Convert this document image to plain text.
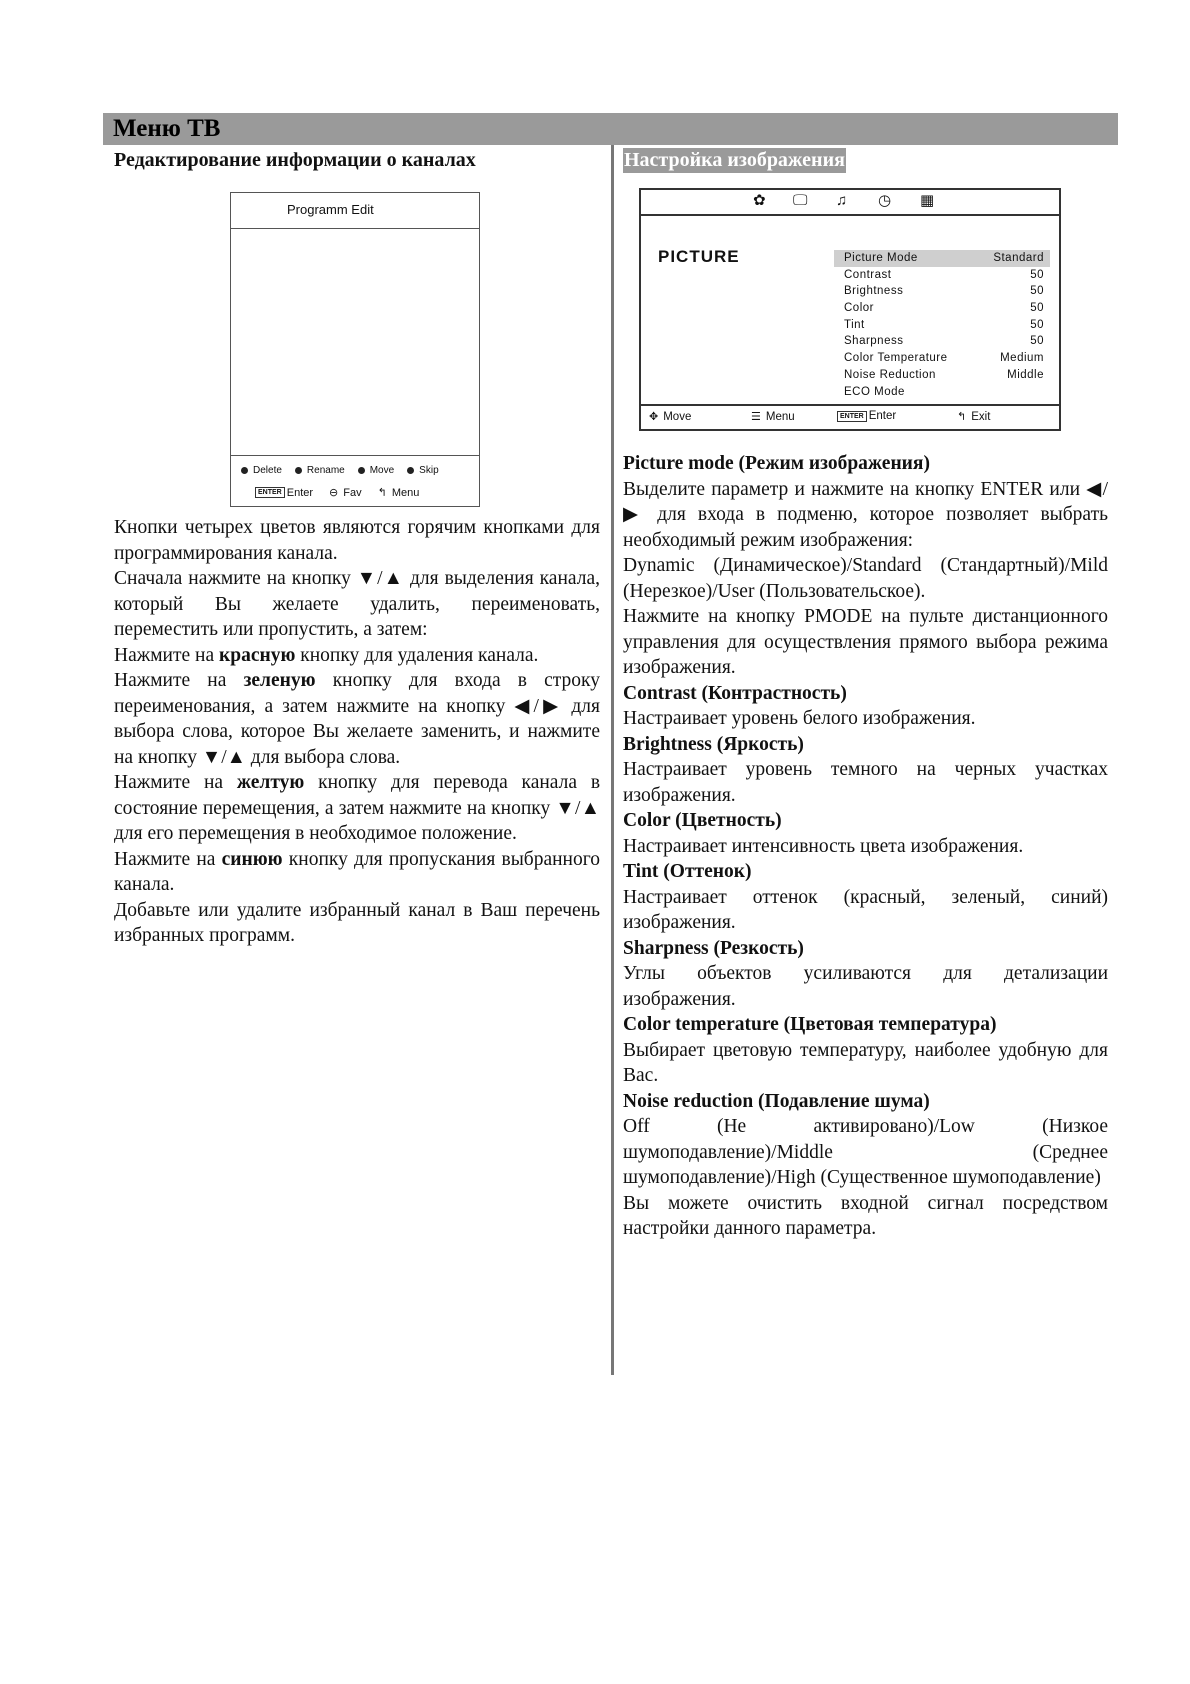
Меню ТВ

Редактирование информации о каналах

Programm Edit
Delete	Rename	Move	Skip
ENTER Enter ⊖ Fav ↰ Menu

Кнопки четырех цветов являются горячим кнопками для программирования канала.

Сначала нажмите на кнопку ▼/▲ для выделения канала, который Вы желаете удалить, переименовать, переместить или пропустить, а затем:

Нажмите на красную кнопку для удаления канала.

Нажмите на зеленую кнопку для входа в строку переименования, а затем нажмите на кнопку ◀/▶ для выбора слова, которое Вы желаете заменить, и нажмите на кнопку ▼/▲ для выбора слова.

Нажмите на желтую кнопку для перевода канала в состояние перемещения, а затем нажмите на кнопку ▼/▲ для его перемещения в необходимое положение.

Нажмите на синюю кнопку для пропускания выбранного канала.

Добавьте или удалите избранный канал в Ваш перечень избранных программ.

Настройка изображения
✿ 🖵 ♫ ◷ ▦
PICTURE	Picture Mode	Standard
Contrast	50
Brightness	50
Color	50
Tint	50
Sharpness	50
Color Temperature	Medium
Noise Reduction	Middle
ECO Mode
✥ Move	☰ Menu	ENTER Enter	↰ Exit

Picture mode (Режим изображения)

Выделите параметр и нажмите на кнопку ENTER или ◀/▶ для входа в подменю, которое позволяет выбрать необходимый режим изображения:

Dynamic (Динамическое)/Standard (Стандартный)/Mild (Нерезкое)/User (Пользовательское).

Нажмите на кнопку PMODE на пульте дистанционного управления для осуществления прямого выбора режима изображения.

Contrast (Контрастность)

Настраивает уровень белого изображения.

Brightness (Яркость)

Настраивает уровень темного на черных участках изображения.

Color (Цветность)

Настраивает интенсивность цвета изображения.

Tint (Оттенок)

Настраивает оттенок (красный, зеленый, синий) изображения.

Sharpness (Резкость)

Углы объектов усиливаются для детализации изображения.

Color temperature (Цветовая температура)

Выбирает цветовую температуру, наиболее удобную для Вас.

Noise reduction (Подавление шума)

Off (Не активировано)/Low (Низкое шумоподавление)/Middle (Среднее шумоподавление)/High (Существенное шумоподавление)

Вы можете очистить входной сигнал посредством настройки данного параметра.
